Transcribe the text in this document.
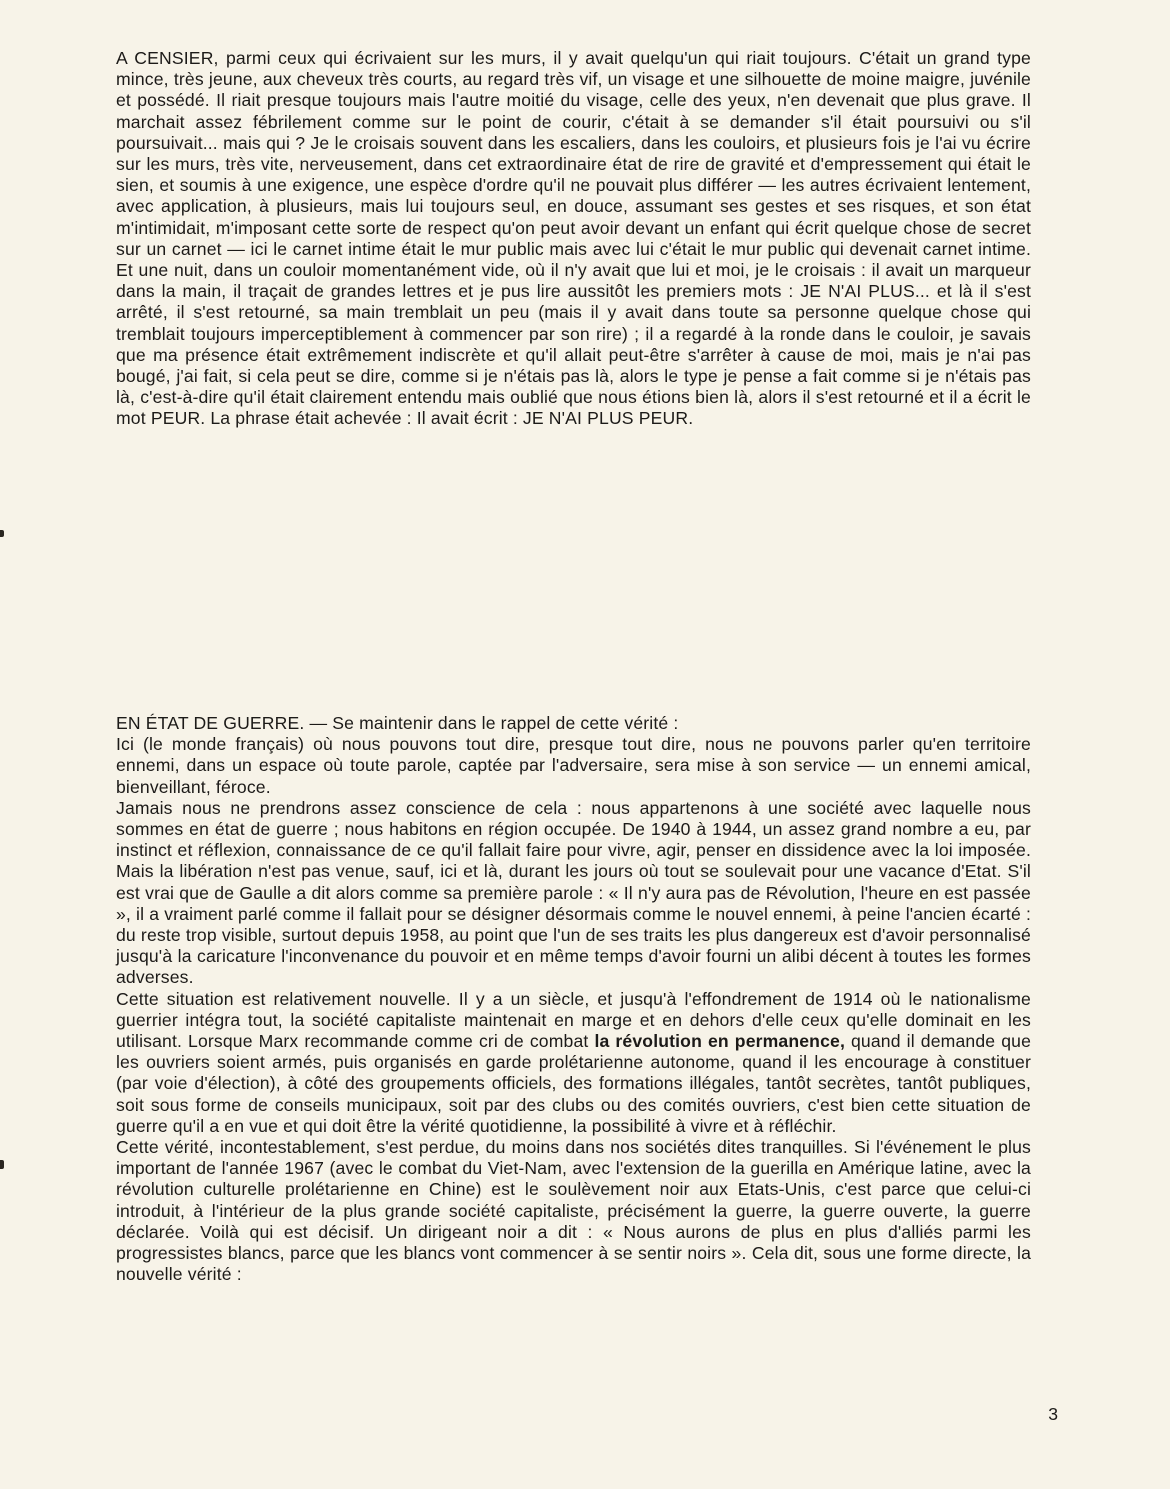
A CENSIER, parmi ceux qui écrivaient sur les murs, il y avait quelqu'un qui riait toujours. C'était un grand type mince, très jeune, aux cheveux très courts, au regard très vif, un visage et une silhouette de moine maigre, juvénile et possédé. Il riait presque toujours mais l'autre moitié du visage, celle des yeux, n'en devenait que plus grave. Il marchait assez fébrilement comme sur le point de courir, c'était à se demander s'il était poursuivi ou s'il poursuivait... mais qui ? Je le croisais souvent dans les escaliers, dans les couloirs, et plusieurs fois je l'ai vu écrire sur les murs, très vite, nerveusement, dans cet extraordinaire état de rire de gravité et d'empressement qui était le sien, et soumis à une exigence, une espèce d'ordre qu'il ne pouvait plus différer — les autres écrivaient lentement, avec application, à plusieurs, mais lui toujours seul, en douce, assumant ses gestes et ses risques, et son état m'intimidait, m'imposant cette sorte de respect qu'on peut avoir devant un enfant qui écrit quelque chose de secret sur un carnet — ici le carnet intime était le mur public mais avec lui c'était le mur public qui devenait carnet intime. Et une nuit, dans un couloir momentanément vide, où il n'y avait que lui et moi, je le croisais : il avait un marqueur dans la main, il traçait de grandes lettres et je pus lire aussitôt les premiers mots : JE N'AI PLUS... et là il s'est arrêté, il s'est retourné, sa main tremblait un peu (mais il y avait dans toute sa personne quelque chose qui tremblait toujours imperceptiblement à commencer par son rire) ; il a regardé à la ronde dans le couloir, je savais que ma présence était extrêmement indiscrète et qu'il allait peut-être s'arrêter à cause de moi, mais je n'ai pas bougé, j'ai fait, si cela peut se dire, comme si je n'étais pas là, alors le type je pense a fait comme si je n'étais pas là, c'est-à-dire qu'il était clairement entendu mais oublié que nous étions bien là, alors il s'est retourné et il a écrit le mot PEUR. La phrase était achevée : Il avait écrit : JE N'AI PLUS PEUR.
EN ÉTAT DE GUERRE. — Se maintenir dans le rappel de cette vérité :
Ici (le monde français) où nous pouvons tout dire, presque tout dire, nous ne pouvons parler qu'en territoire ennemi, dans un espace où toute parole, captée par l'adversaire, sera mise à son service — un ennemi amical, bienveillant, féroce.
Jamais nous ne prendrons assez conscience de cela : nous appartenons à une société avec laquelle nous sommes en état de guerre ; nous habitons en région occupée. De 1940 à 1944, un assez grand nombre a eu, par instinct et réflexion, connaissance de ce qu'il fallait faire pour vivre, agir, penser en dissidence avec la loi imposée. Mais la libération n'est pas venue, sauf, ici et là, durant les jours où tout se soulevait pour une vacance d'Etat. S'il est vrai que de Gaulle a dit alors comme sa première parole : « Il n'y aura pas de Révolution, l'heure en est passée », il a vraiment parlé comme il fallait pour se désigner désormais comme le nouvel ennemi, à peine l'ancien écarté : du reste trop visible, surtout depuis 1958, au point que l'un de ses traits les plus dangereux est d'avoir personnalisé jusqu'à la caricature l'inconvenance du pouvoir et en même temps d'avoir fourni un alibi décent à toutes les formes adverses.
Cette situation est relativement nouvelle. Il y a un siècle, et jusqu'à l'effondrement de 1914 où le nationalisme guerrier intégra tout, la société capitaliste maintenait en marge et en dehors d'elle ceux qu'elle dominait en les utilisant. Lorsque Marx recommande comme cri de combat la révolution en permanence, quand il demande que les ouvriers soient armés, puis organisés en garde prolétarienne autonome, quand il les encourage à constituer (par voie d'élection), à côté des groupements officiels, des formations illégales, tantôt secrètes, tantôt publiques, soit sous forme de conseils municipaux, soit par des clubs ou des comités ouvriers, c'est bien cette situation de guerre qu'il a en vue et qui doit être la vérité quotidienne, la possibilité à vivre et à réfléchir.
Cette vérité, incontestablement, s'est perdue, du moins dans nos sociétés dites tranquilles. Si l'événement le plus important de l'année 1967 (avec le combat du Viet-Nam, avec l'extension de la guerilla en Amérique latine, avec la révolution culturelle prolétarienne en Chine) est le soulèvement noir aux Etats-Unis, c'est parce que celui-ci introduit, à l'intérieur de la plus grande société capitaliste, précisément la guerre, la guerre ouverte, la guerre déclarée. Voilà qui est décisif. Un dirigeant noir a dit : « Nous aurons de plus en plus d'alliés parmi les progressistes blancs, parce que les blancs vont commencer à se sentir noirs ». Cela dit, sous une forme directe, la nouvelle vérité :

3
